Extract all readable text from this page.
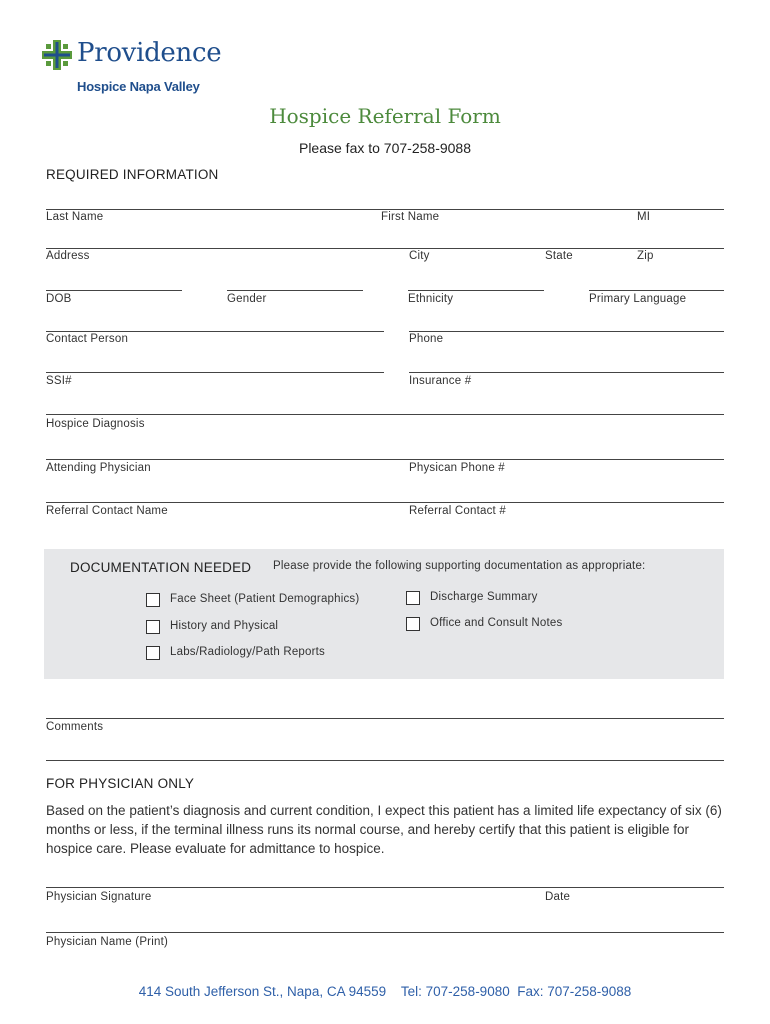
Providence
Hospice Napa Valley
Hospice Referral Form
Please fax to 707-258-9088
REQUIRED INFORMATION
Last Name	First Name	MI
Address	City	State	Zip
DOB	Gender	Ethnicity	Primary Language
Contact Person	Phone
SSI#	Insurance #
Hospice Diagnosis
Attending Physician	Physican Phone #
Referral Contact Name	Referral Contact #
DOCUMENTATION NEEDED Please provide the following supporting documentation as appropriate:
Face Sheet (Patient Demographics)
History and Physical
Labs/Radiology/Path Reports
Discharge Summary
Office and Consult Notes
Comments
FOR PHYSICIAN ONLY
Based on the patient’s diagnosis and current condition, I expect this patient has a limited life expectancy of six (6) months or less, if the terminal illness runs its normal course, and hereby certify that this patient is eligible for hospice care. Please evaluate for admittance to hospice.
Physician Signature	Date
Physician Name (Print)
414 South Jefferson St., Napa, CA 94559    Tel: 707-258-9080  Fax: 707-258-9088
